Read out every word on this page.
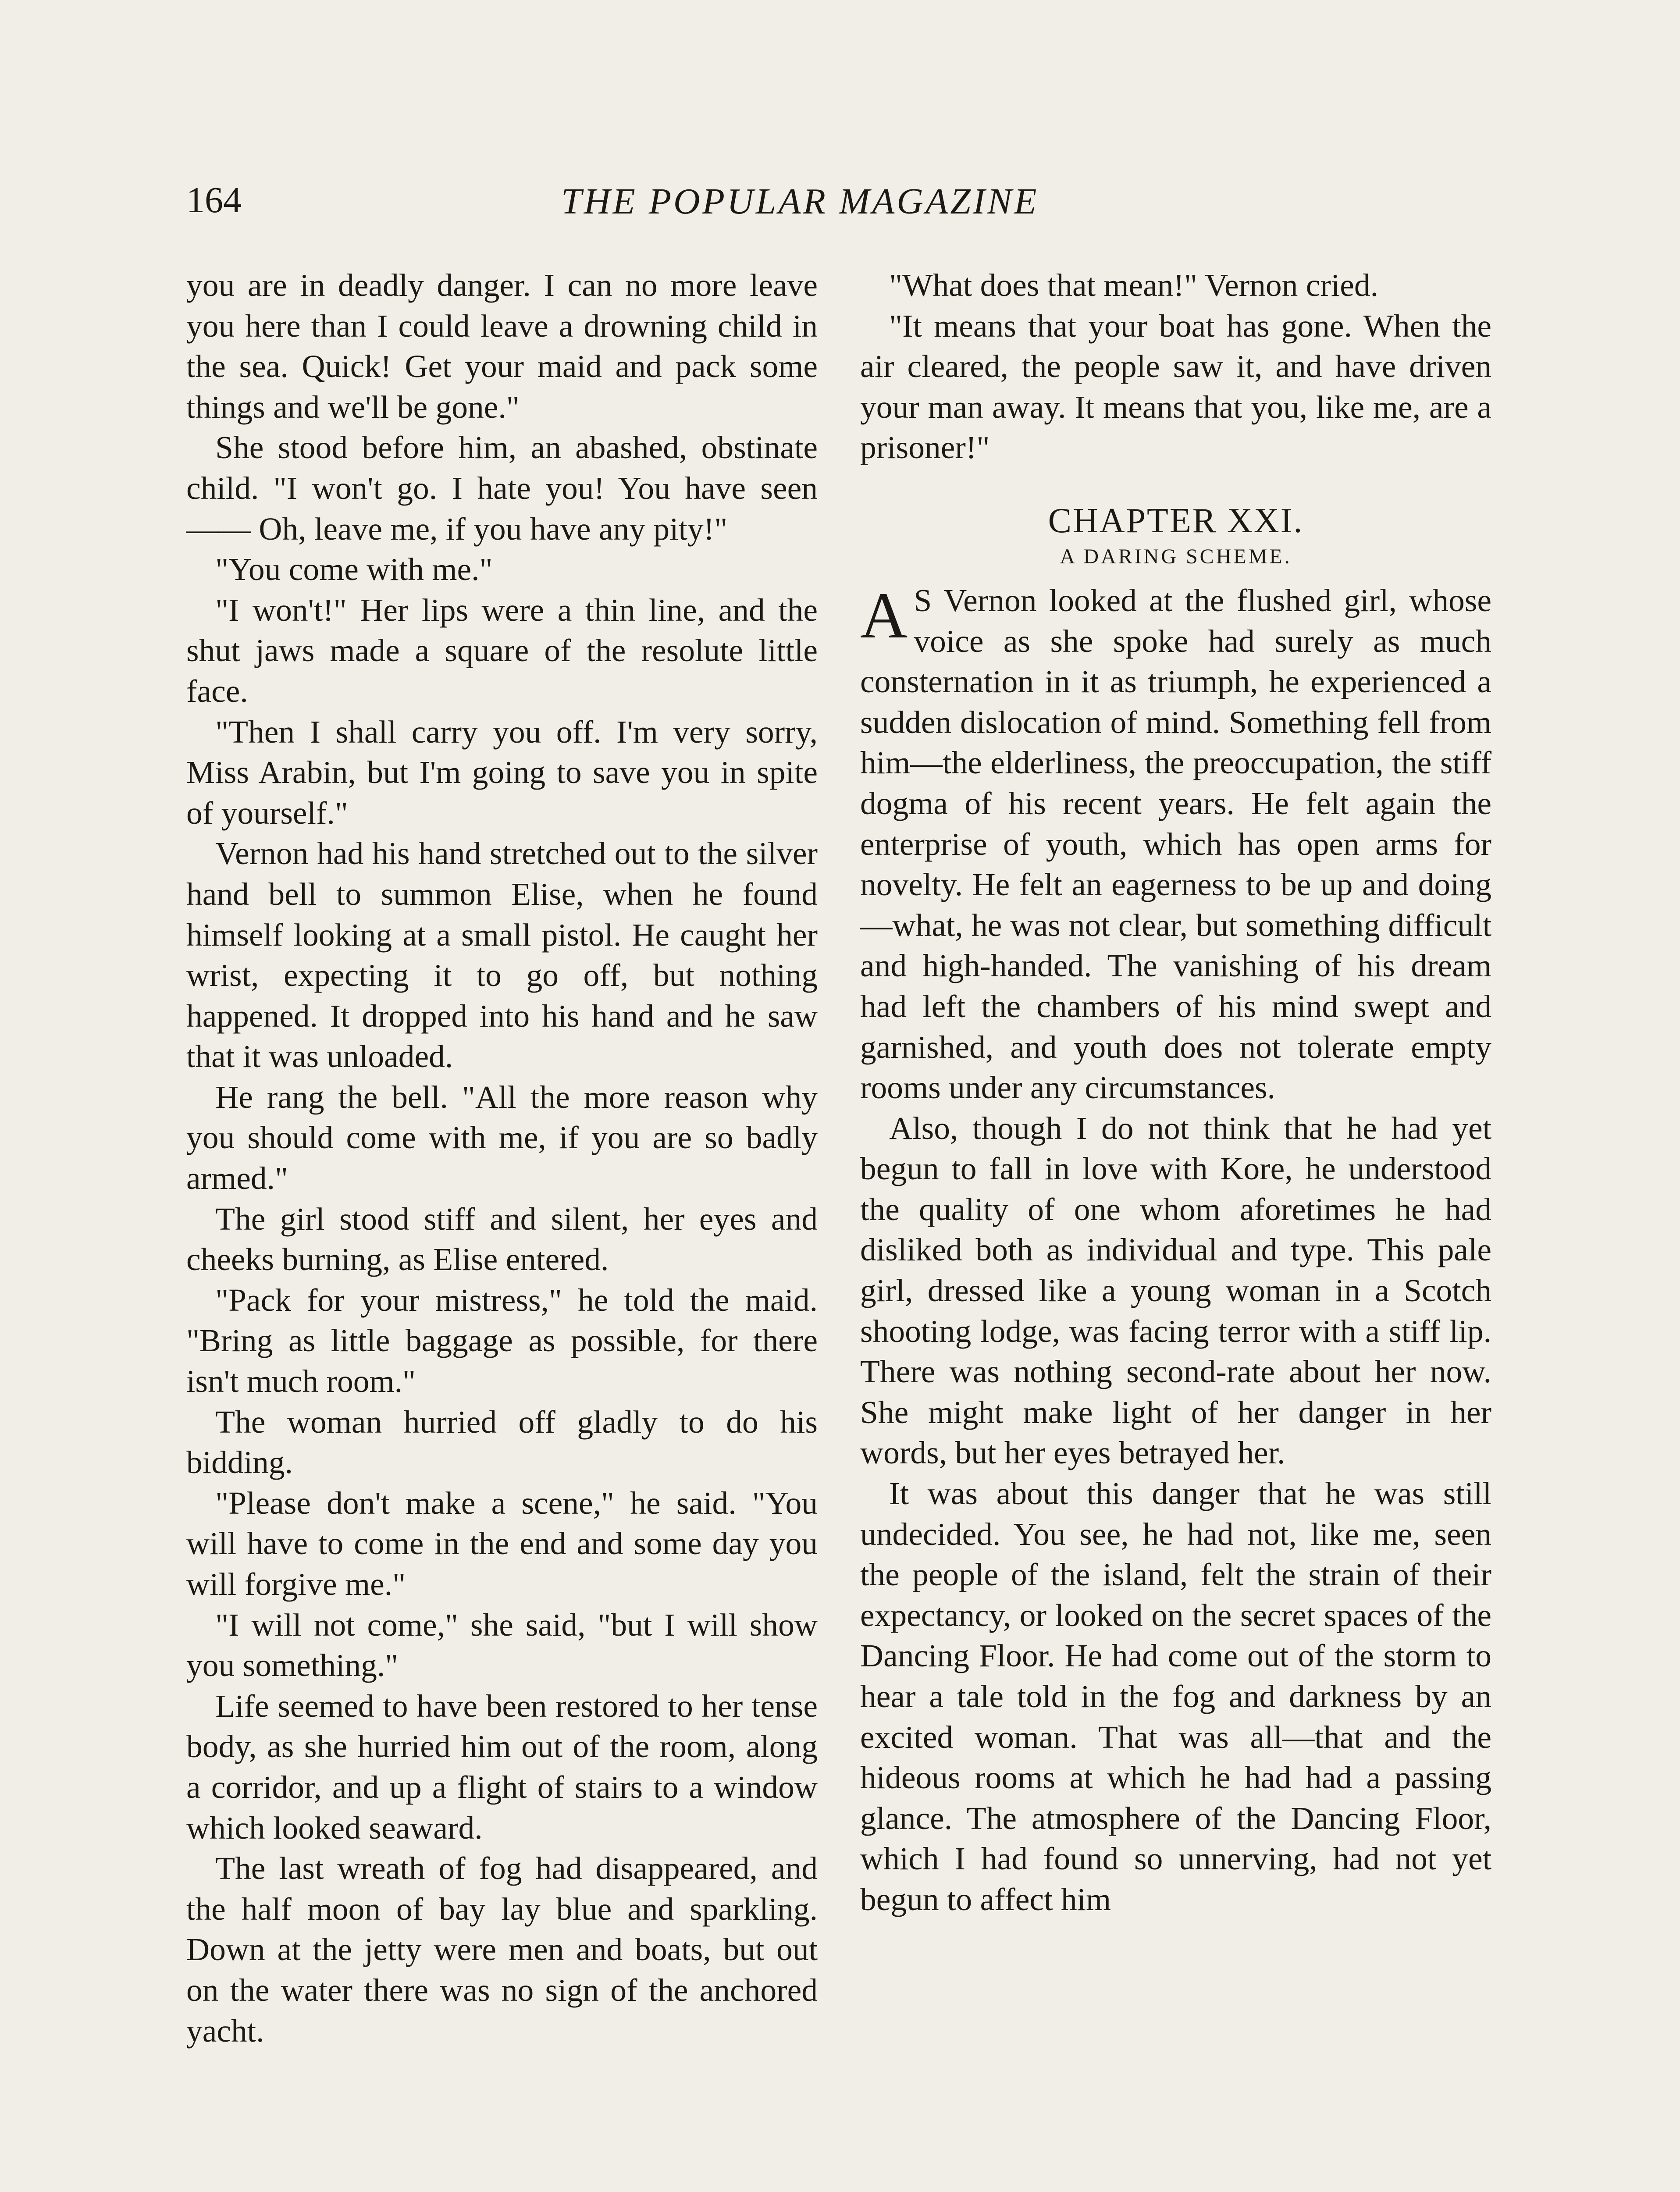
164	THE POPULAR MAGAZINE

you are in deadly danger. I can no more leave you here than I could leave a drowning child in the sea. Quick! Get your maid and pack some things and we'll be gone."

She stood before him, an abashed, obstinate child. "I won't go. I hate you! You have seen—— Oh, leave me, if you have any pity!"

"You come with me."

"I won't!" Her lips were a thin line, and the shut jaws made a square of the resolute little face.

"Then I shall carry you off. I'm very sorry, Miss Arabin, but I'm going to save you in spite of yourself."

Vernon had his hand stretched out to the silver hand bell to summon Elise, when he found himself looking at a small pistol. He caught her wrist, expecting it to go off, but nothing happened. It dropped into his hand and he saw that it was unloaded.

He rang the bell. "All the more reason why you should come with me, if you are so badly armed."

The girl stood stiff and silent, her eyes and cheeks burning, as Elise entered.

"Pack for your mistress," he told the maid. "Bring as little baggage as possible, for there isn't much room."

The woman hurried off gladly to do his bidding.

"Please don't make a scene," he said. "You will have to come in the end and some day you will forgive me."

"I will not come," she said, "but I will show you something."

Life seemed to have been restored to her tense body, as she hurried him out of the room, along a corridor, and up a flight of stairs to a window which looked seaward.

The last wreath of fog had disappeared, and the half moon of bay lay blue and sparkling. Down at the jetty were men and boats, but out on the water there was no sign of the anchored yacht.

"What does that mean!" Vernon cried.

"It means that your boat has gone. When the air cleared, the people saw it, and have driven your man away. It means that you, like me, are a prisoner!"

CHAPTER XXI.
A DARING SCHEME.

A S Vernon looked at the flushed girl, whose voice as she spoke had surely as much consternation in it as triumph, he experienced a sudden dislocation of mind. Something fell from him—the elderliness, the preoccupation, the stiff dogma of his recent years. He felt again the enterprise of youth, which has open arms for novelty. He felt an eagerness to be up and doing—what, he was not clear, but something difficult and high-handed. The vanishing of his dream had left the chambers of his mind swept and garnished, and youth does not tolerate empty rooms under any circumstances.

Also, though I do not think that he had yet begun to fall in love with Kore, he understood the quality of one whom aforetimes he had disliked both as individual and type. This pale girl, dressed like a young woman in a Scotch shooting lodge, was facing terror with a stiff lip. There was nothing second-rate about her now. She might make light of her danger in her words, but her eyes betrayed her.

It was about this danger that he was still undecided. You see, he had not, like me, seen the people of the island, felt the strain of their expectancy, or looked on the secret spaces of the Dancing Floor. He had come out of the storm to hear a tale told in the fog and darkness by an excited woman. That was all—that and the hideous rooms at which he had had a passing glance. The atmosphere of the Dancing Floor, which I had found so unnerving, had not yet begun to affect him
